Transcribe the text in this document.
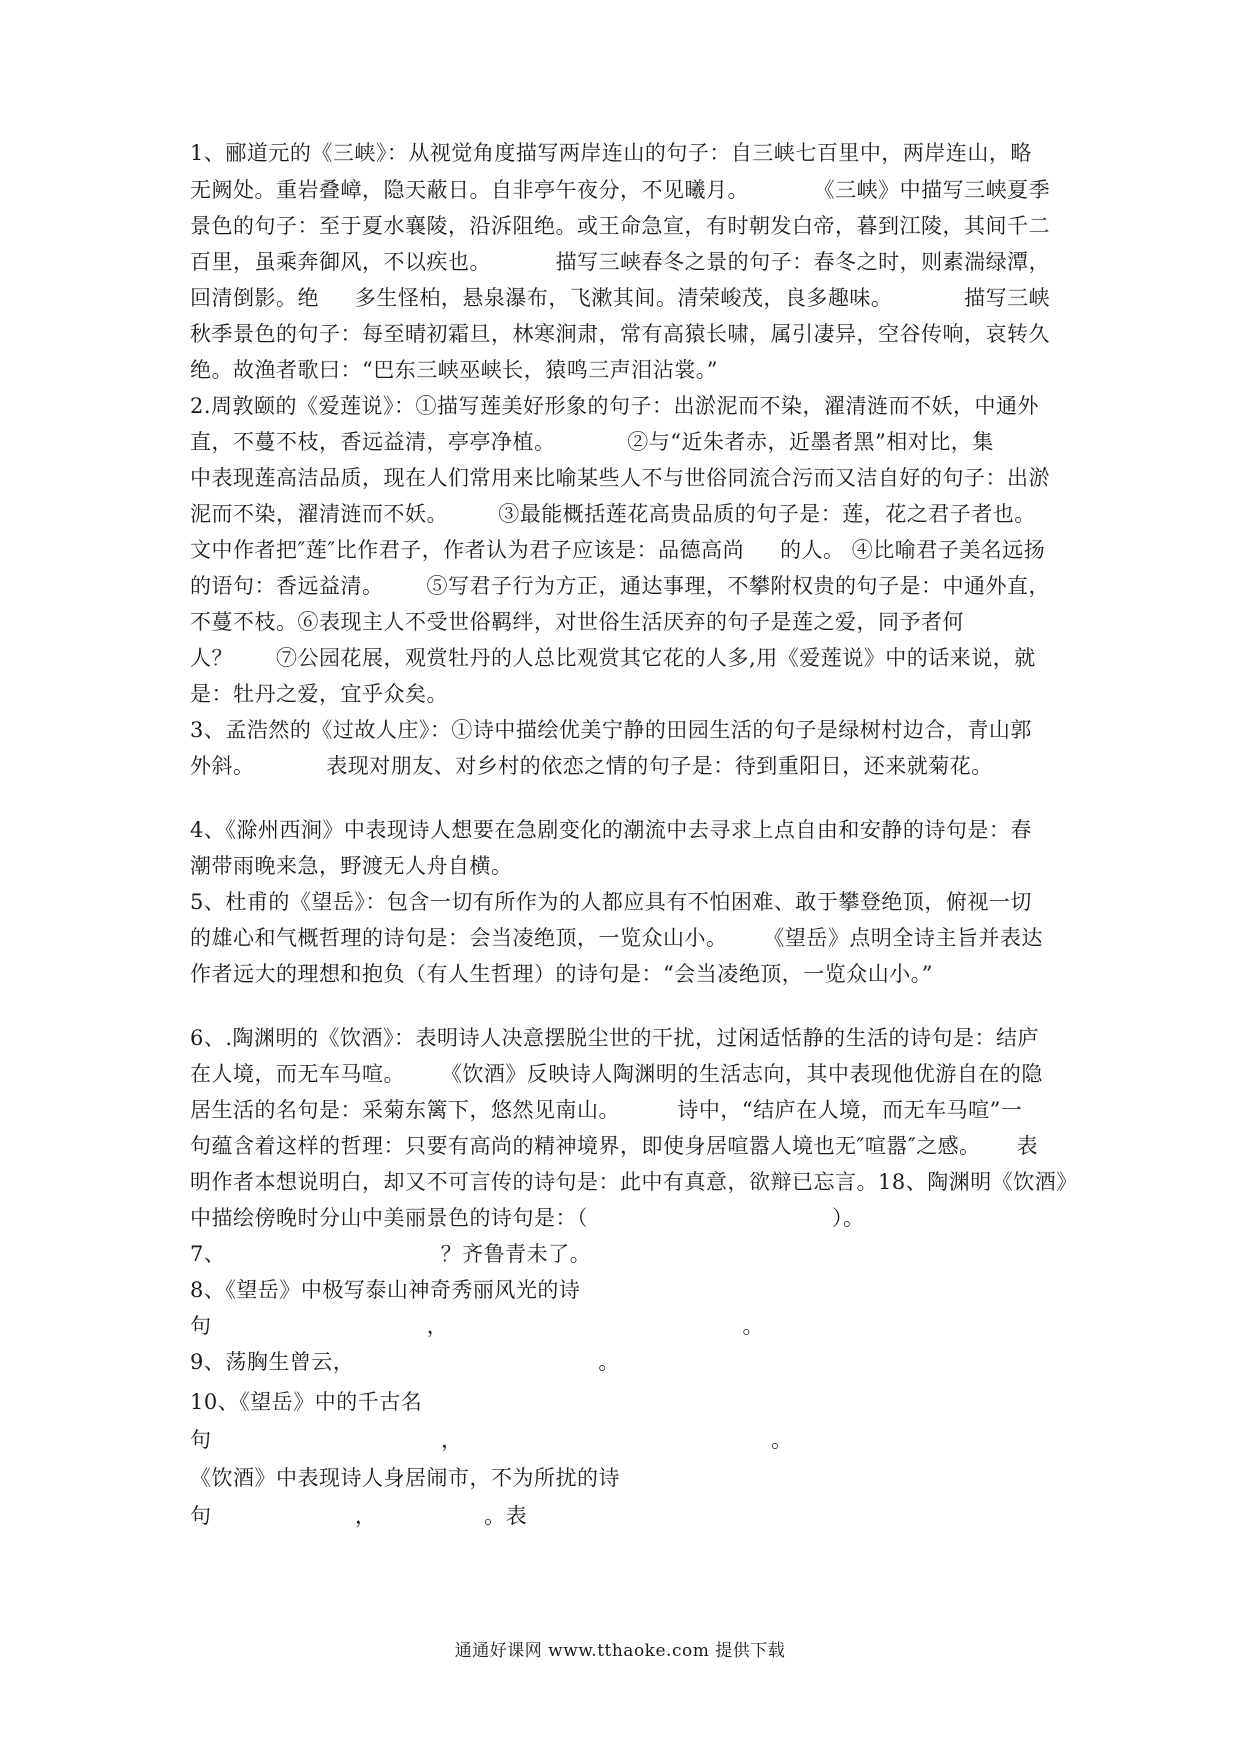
1、郦道元的《三峡》：从视觉角度描写两岸连山的句子：自三峡七百里中，两岸连山，略
无阙处。重岩叠嶂，隐天蔽日。自非亭午夜分，不见曦月。         《三峡》中描写三峡夏季
景色的句子：至于夏水襄陵，沿泝阻绝。或王命急宣，有时朝发白帝，暮到江陵，其间千二
百里，虽乘奔御风，不以疾也。         描写三峡春冬之景的句子：春冬之时，则素湍绿潭，
回清倒影。绝     多生怪柏，悬泉瀑布，飞漱其间。清荣峻茂，良多趣味。          描写三峡
秋季景色的句子：每至晴初霜旦，林寒涧肃，常有高猿长啸，属引凄异，空谷传响，哀转久
绝。故渔者歌曰：“巴东三峡巫峡长，猿鸣三声泪沾裳。”
2.周敦颐的《爱莲说》：①描写莲美好形象的句子：出淤泥而不染，濯清涟而不妖，中通外
直，不蔓不枝，香远益清，亭亭净植。          ②与“近朱者赤，近墨者黑”相对比，集
中表现莲高洁品质，现在人们常用来比喻某些人不与世俗同流合污而又洁自好的句子：出淤
泥而不染，濯清涟而不妖。       ③最能概括莲花高贵品质的句子是：莲，花之君子者也。
文中作者把″莲″比作君子，作者认为君子应该是：品德高尚     的人。 ④比喻君子美名远扬
的语句：香远益清。      ⑤写君子行为方正，通达事理，不攀附权贵的句子是：中通外直，
不蔓不枝。⑥表现主人不受世俗羁绊，对世俗生活厌弃的句子是莲之爱，同予者何
人？      ⑦公园花展，观赏牡丹的人总比观赏其它花的人多,用《爱莲说》中的话来说，就
是：牡丹之爱，宜乎众矣。
3、孟浩然的《过故人庄》：①诗中描绘优美宁静的田园生活的句子是绿树村边合，青山郭
外斜。          表现对朋友、对乡村的依恋之情的句子是：待到重阳日，还来就菊花。
4、《滁州西涧》中表现诗人想要在急剧变化的潮流中去寻求上点自由和安静的诗句是：春
潮带雨晚来急，野渡无人舟自横。
5、杜甫的《望岳》：包含一切有所作为的人都应具有不怕困难、敢于攀登绝顶，俯视一切
的雄心和气概哲理的诗句是：会当凌绝顶，一览众山小。     《望岳》点明全诗主旨并表达
作者远大的理想和抱负（有人生哲理）的诗句是：“会当凌绝顶，一览众山小。”
6、.陶渊明的《饮酒》：表明诗人决意摆脱尘世的干扰，过闲适恬静的生活的诗句是：结庐
在人境，而无车马喧。     《饮酒》反映诗人陶渊明的生活志向，其中表现他优游自在的隐
居生活的名句是：采菊东篱下，悠然见南山。        诗中，“结庐在人境，而无车马喧”一
句蕴含着这样的哲理：只要有高尚的精神境界，即使身居喧嚣人境也无″喧嚣″之感。     表
明作者本想说明白，却又不可言传的诗句是：此中有真意，欲辩已忘言。18、陶渊明《饮酒》
中描绘傍晚时分山中美丽景色的诗句是：（                                  ）。
7、                              ？齐鲁青未了。
8、《望岳》中极写泰山神奇秀丽风光的诗
句                              ，                                         。
9、荡胸生曾云，                                  。
10、《望岳》中的千古名
句                                ，                                           。
《饮酒》中表现诗人身居闹市，不为所扰的诗
句                    ，               。表
通通好课网 www.tthaoke.com 提供下载
